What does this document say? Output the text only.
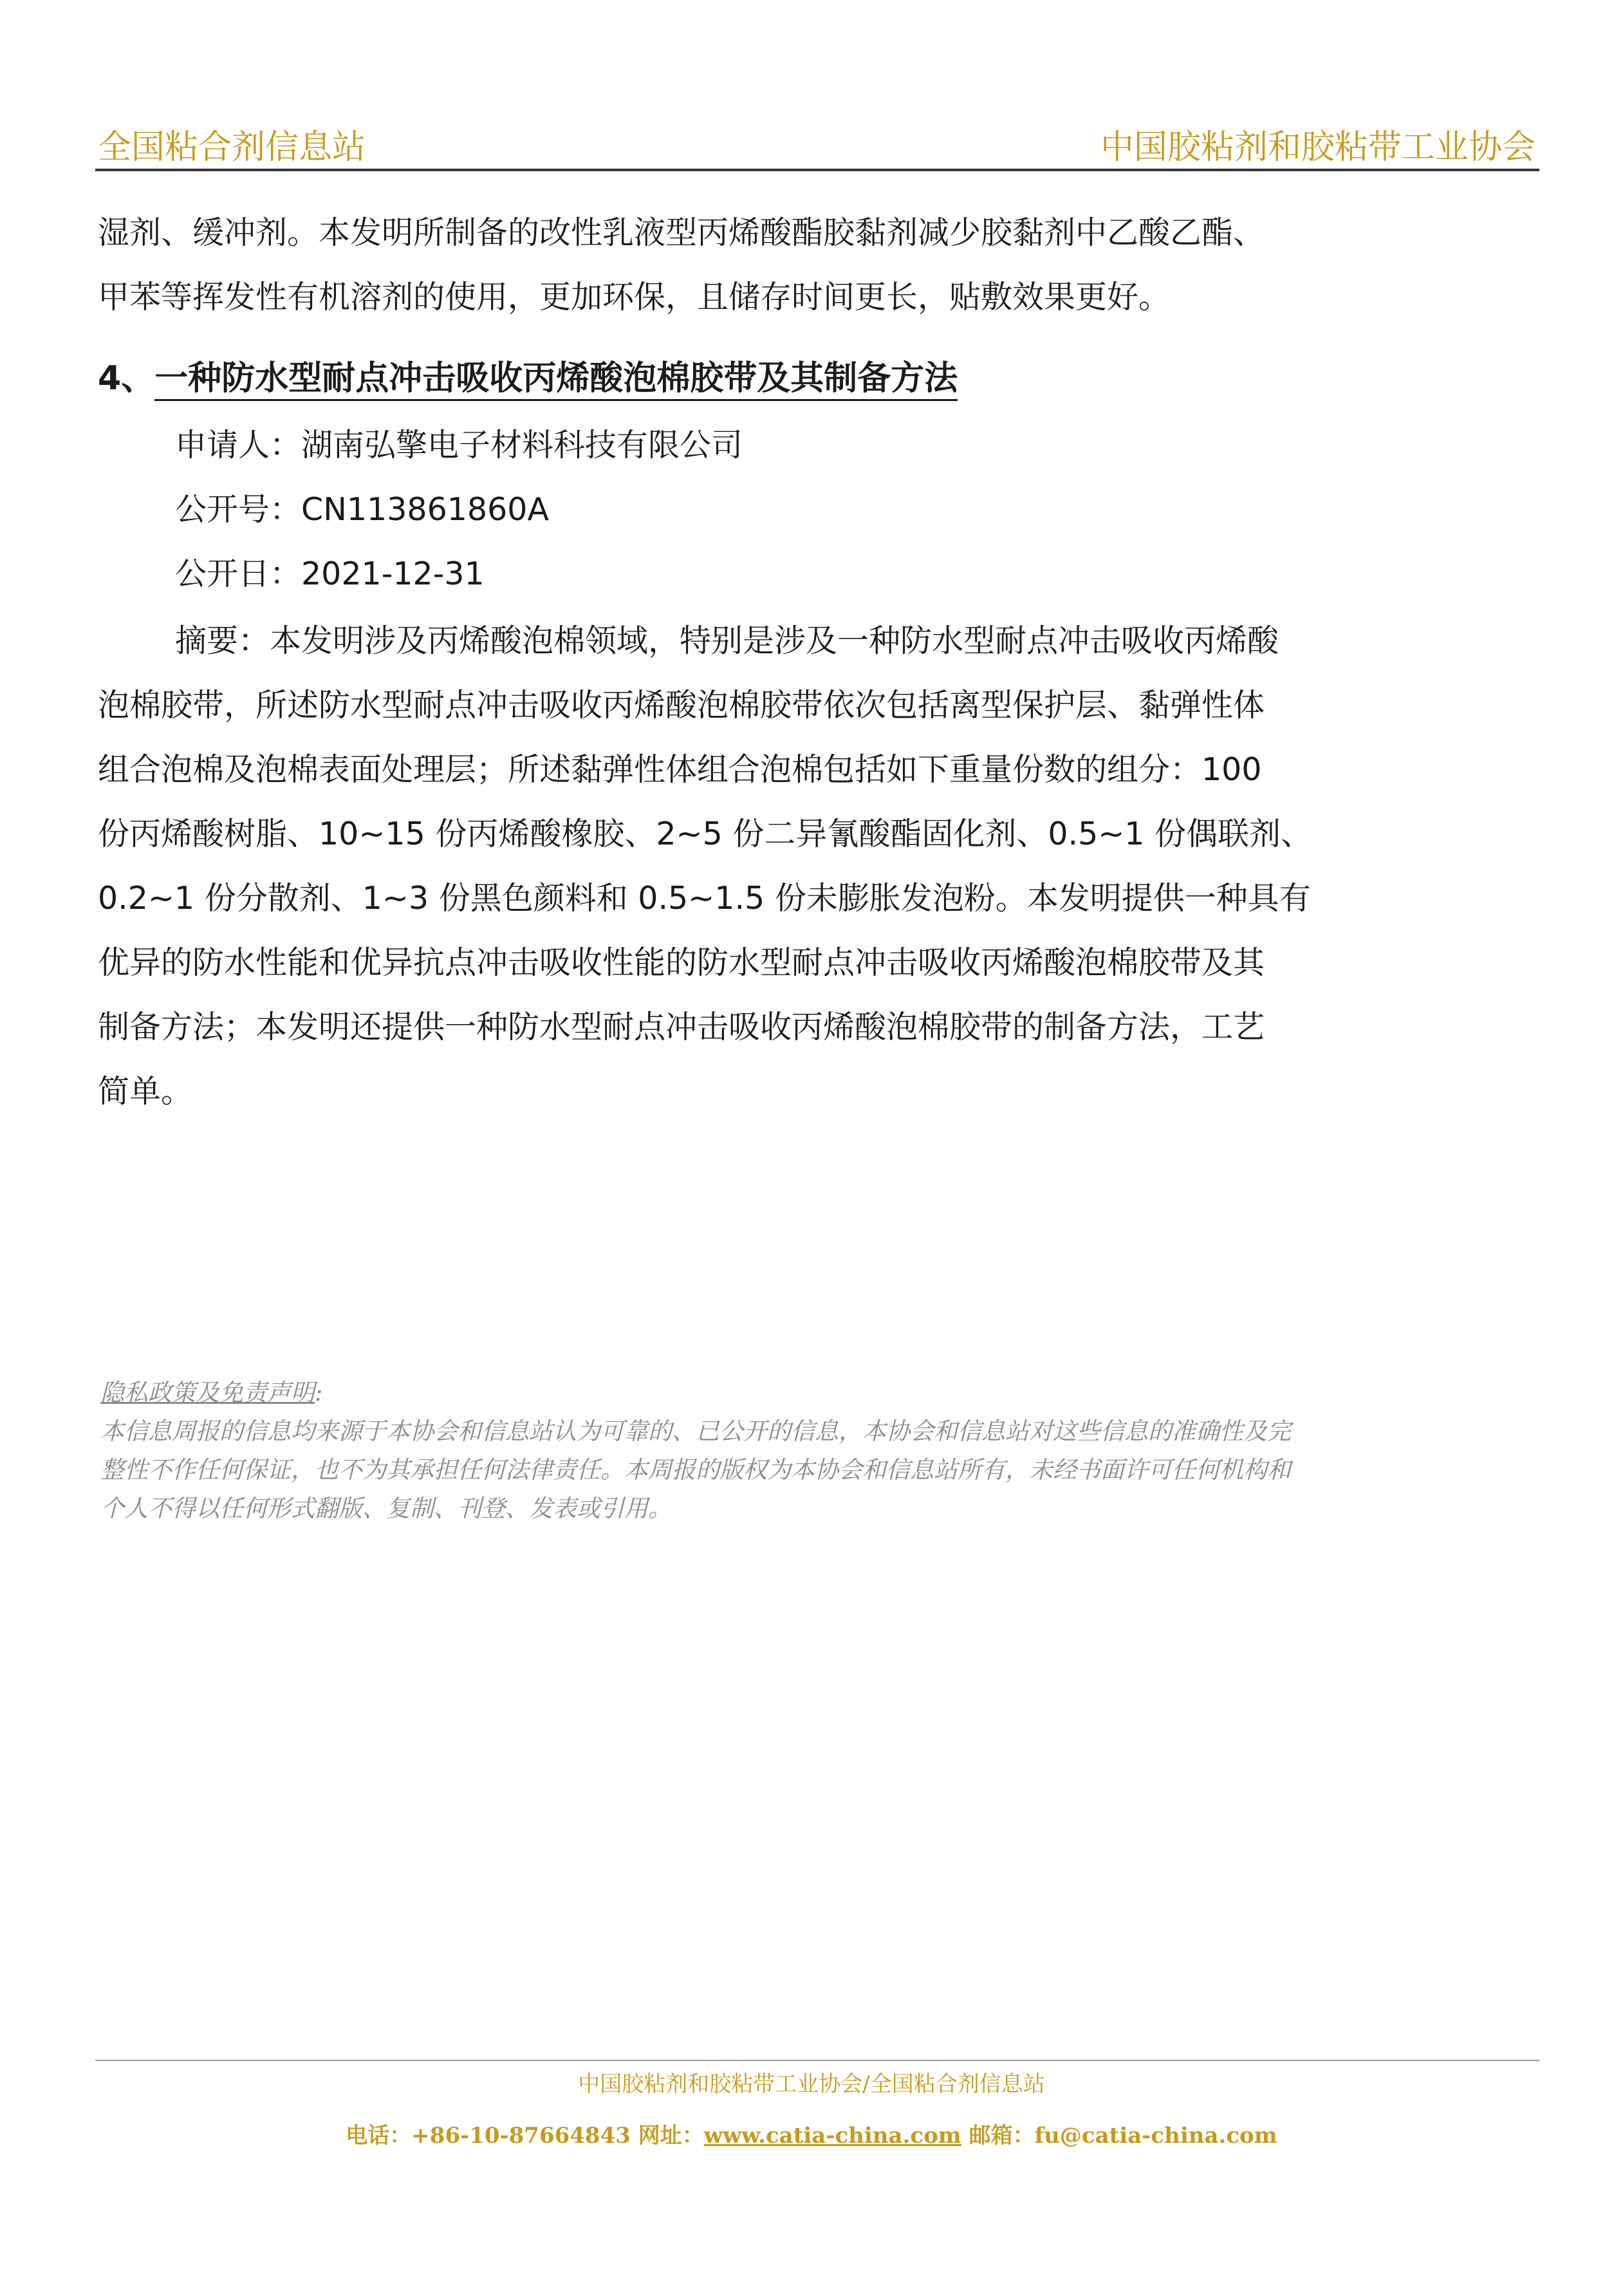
全国粘合剂信息站	中国胶粘剂和胶粘带工业协会
湿剂、缓冲剂。本发明所制备的改性乳液型丙烯酸酯胶黏剂减少胶黏剂中乙酸乙酯、
甲苯等挥发性有机溶剂的使用，更加环保，且储存时间更长，贴敷效果更好。
4、一种防水型耐点冲击吸收丙烯酸泡棉胶带及其制备方法
申请人：湖南弘擎电子材料科技有限公司
公开号：CN113861860A
公开日：2021-12-31
摘要：本发明涉及丙烯酸泡棉领域，特别是涉及一种防水型耐点冲击吸收丙烯酸
泡棉胶带，所述防水型耐点冲击吸收丙烯酸泡棉胶带依次包括离型保护层、黏弹性体
组合泡棉及泡棉表面处理层；所述黏弹性体组合泡棉包括如下重量份数的组分：100
份丙烯酸树脂、10~15 份丙烯酸橡胶、2~5 份二异氰酸酯固化剂、0.5~1 份偶联剂、
0.2~1 份分散剂、1~3 份黑色颜料和 0.5~1.5 份未膨胀发泡粉。本发明提供一种具有
优异的防水性能和优异抗点冲击吸收性能的防水型耐点冲击吸收丙烯酸泡棉胶带及其
制备方法；本发明还提供一种防水型耐点冲击吸收丙烯酸泡棉胶带的制备方法，工艺
简单。
隐私政策及免责声明:
本信息周报的信息均来源于本协会和信息站认为可靠的、已公开的信息，本协会和信息站对这些信息的准确性及完
整性不作任何保证，也不为其承担任何法律责任。本周报的版权为本协会和信息站所有，未经书面许可任何机构和
个人不得以任何形式翻版、复制、刊登、发表或引用。
中国胶粘剂和胶粘带工业协会/全国粘合剂信息站
电话：+86-10-87664843 网址：www.catia-china.com 邮箱：fu@catia-china.com
